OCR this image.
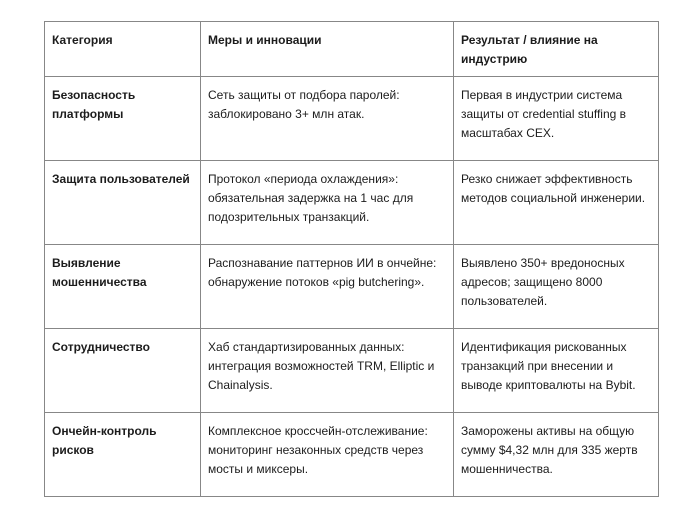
Категория	Меры и инновации	Результат / влияние на индустрию
Безопасность платформы	Сеть защиты от подбора паролей: заблокировано 3+ млн атак.	Первая в индустрии система защиты от credential stuffing в масштабах CEX.
Защита пользователей	Протокол «периода охлаждения»: обязательная задержка на 1 час для подозрительных транзакций.	Резко снижает эффективность методов социальной инженерии.
Выявление мошенничества	Распознавание паттернов ИИ в ончейне: обнаружение потоков «pig butchering».	Выявлено 350+ вредоносных адресов; защищено 8000 пользователей.
Сотрудничество	Хаб стандартизированных данных: интеграция возможностей TRM, Elliptic и Chainalysis.	Идентификация рискованных транзакций при внесении и выводе криптовалюты на Bybit.
Ончейн-контроль рисков	Комплексное кроссчейн-отслеживание: мониторинг незаконных средств через мосты и миксеры.	Заморожены активы на общую сумму $4,32 млн для 335 жертв мошенничества.
